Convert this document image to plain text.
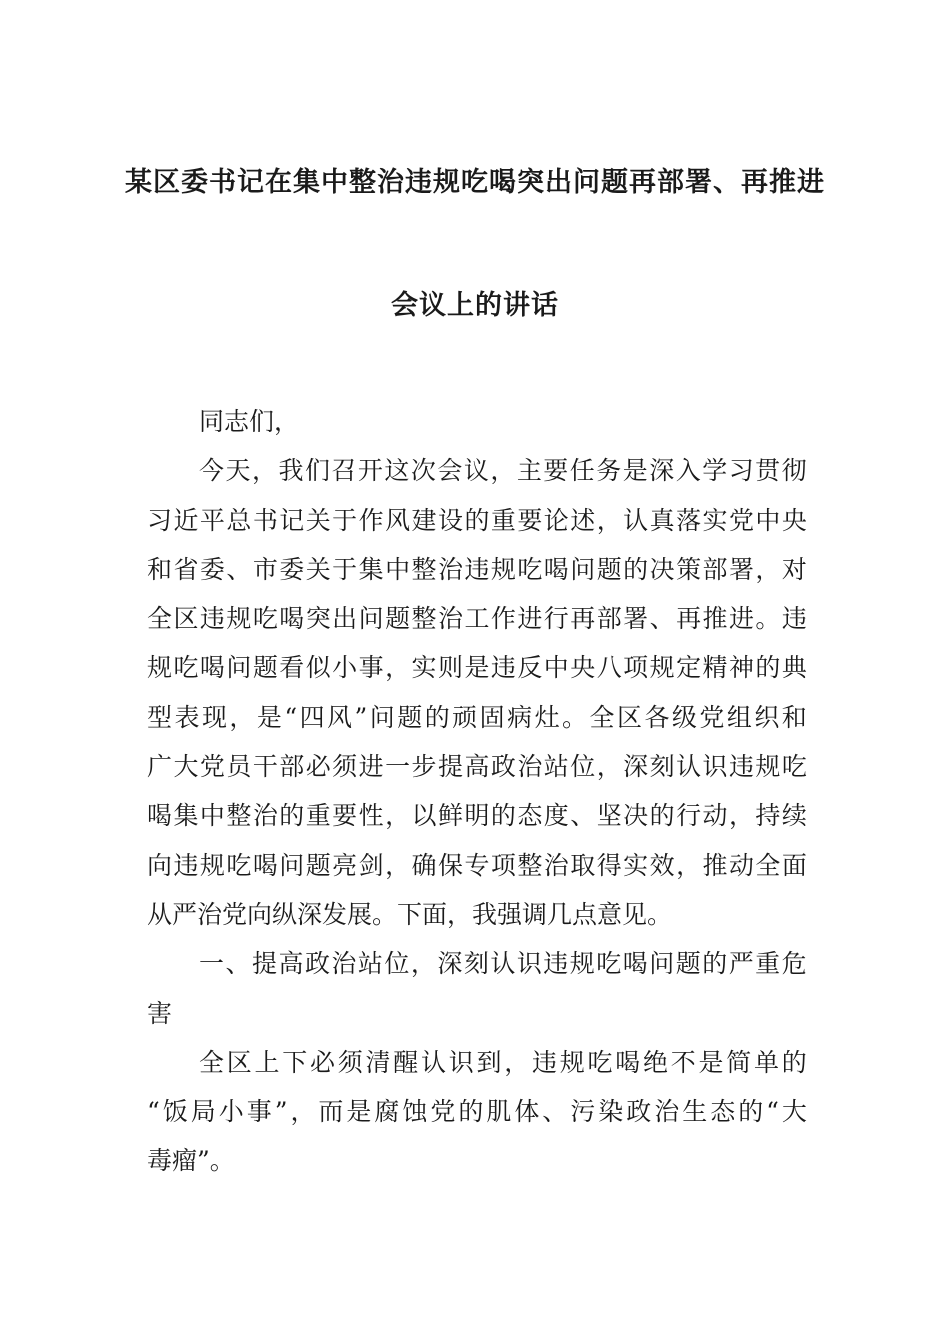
某区委书记在集中整治违规吃喝突出问题再部署、再推进
会议上的讲话
同志们，
今 天 ， 我 们 召 开 这 次 会 议 ， 主 要 任 务 是 深 入 学 习 贯 彻
习 近 平 总 书 记 关 于 作 风 建 设 的 重 要 论 述 ， 认 真 落 实 党 中 央
和 省 委 、 市 委 关 于 集 中 整 治 违 规 吃 喝 问 题 的 决 策 部 署 ， 对
全 区 违 规 吃 喝 突 出 问 题 整 治 工 作 进 行 再 部 署 、 再 推 进 。 违
规 吃 喝 问 题 看 似 小 事 ， 实 则 是 违 反 中 央 八 项 规 定 精 神 的 典
型 表 现 ， 是 “ 四 风 ” 问 题 的 顽 固 病 灶 。 全 区 各 级 党 组 织 和
广 大 党 员 干 部 必 须 进 一 步 提 高 政 治 站 位 ， 深 刻 认 识 违 规 吃
喝 集 中 整 治 的 重 要 性 ， 以 鲜 明 的 态 度 、 坚 决 的 行 动 ， 持 续
向 违 规 吃 喝 问 题 亮 剑 ， 确 保 专 项 整 治 取 得 实 效 ， 推 动 全 面
从严治党向纵深发展。下面，我强调几点意见。
一 、 提 高 政 治 站 位 ， 深 刻 认 识 违 规 吃 喝 问 题 的 严 重 危
害
全 区 上 下 必 须 清 醒 认 识 到 ， 违 规 吃 喝 绝 不 是 简 单 的
“ 饭 局 小 事 ” ， 而 是 腐 蚀 党 的 肌 体 、 污 染 政 治 生 态 的 “ 大
毒瘤”。
